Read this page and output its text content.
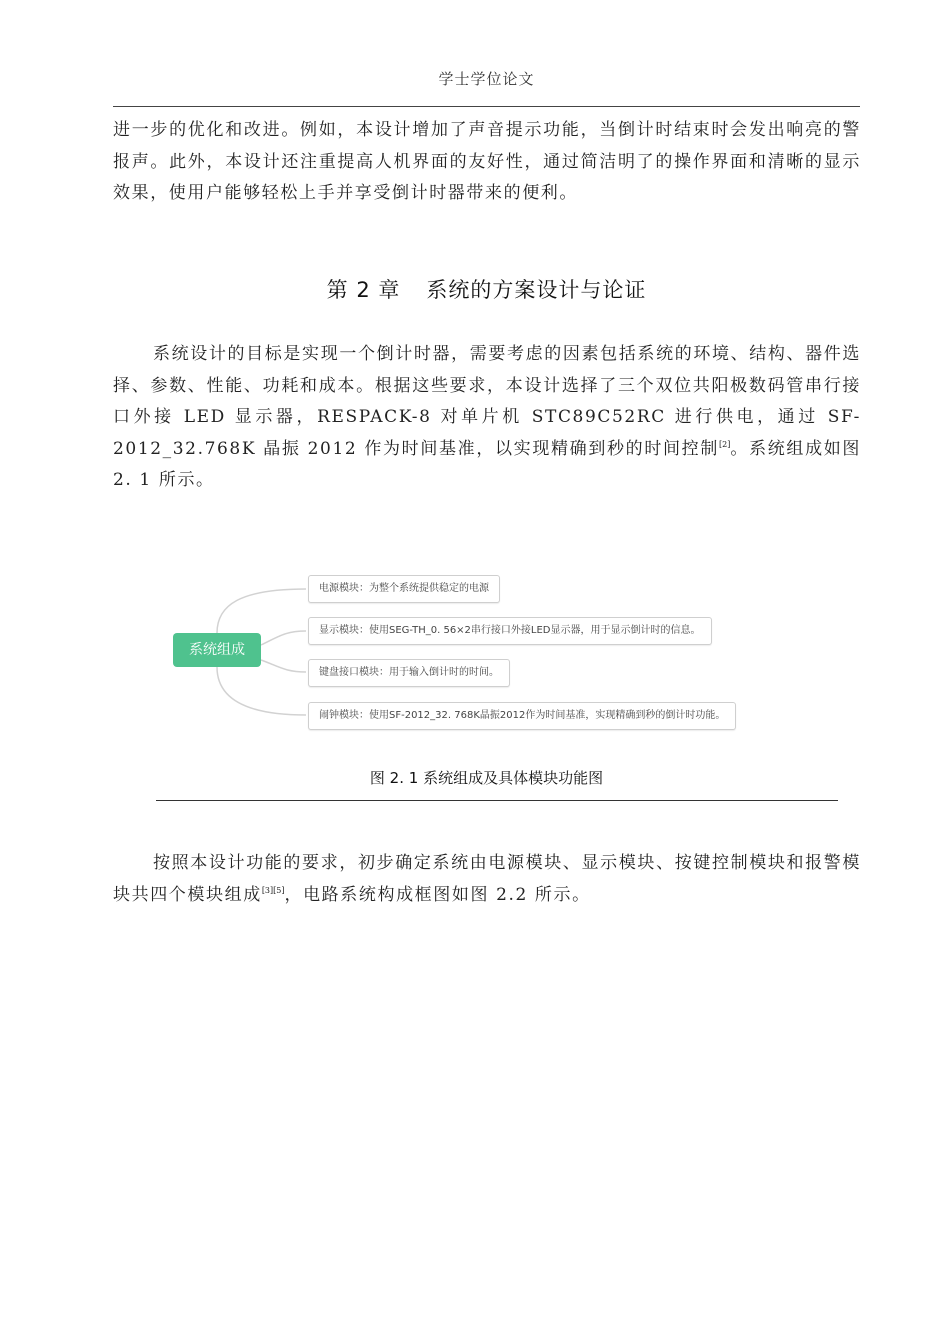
学士学位论文

进一步的优化和改进。例如，本设计增加了声音提示功能，当倒计时结束时会发出响亮的警报声。此外，本设计还注重提高人机界面的友好性，通过简洁明了的操作界面和清晰的显示效果，使用户能够轻松上手并享受倒计时器带来的便利。

第 2 章 系统的方案设计与论证

系统设计的目标是实现一个倒计时器，需要考虑的因素包括系统的环境、结构、器件选择、参数、性能、功耗和成本。根据这些要求，本设计选择了三个双位共阳极数码管串行接口外接 LED 显示器，RESPACK-8 对单片机 STC89C52RC 进行供电，通过 SF-2012_32.768K 晶振 2012 作为时间基准，以实现精确到秒的时间控制[2]。系统组成如图 2. 1 所示。

系统组成
电源模块：为整个系统提供稳定的电源
显示模块：使用SEG-TH_0. 56×2串行接口外接LED显示器，用于显示倒计时的信息。
键盘接口模块：用于输入倒计时的时间。
闹钟模块：使用SF-2012_32. 768K晶振2012作为时间基准，实现精确到秒的倒计时功能。
图 2. 1 系统组成及具体模块功能图

按照本设计功能的要求，初步确定系统由电源模块、显示模块、按键控制模块和报警模块共四个模块组成[3][5]，电路系统构成框图如图 2.2 所示。
